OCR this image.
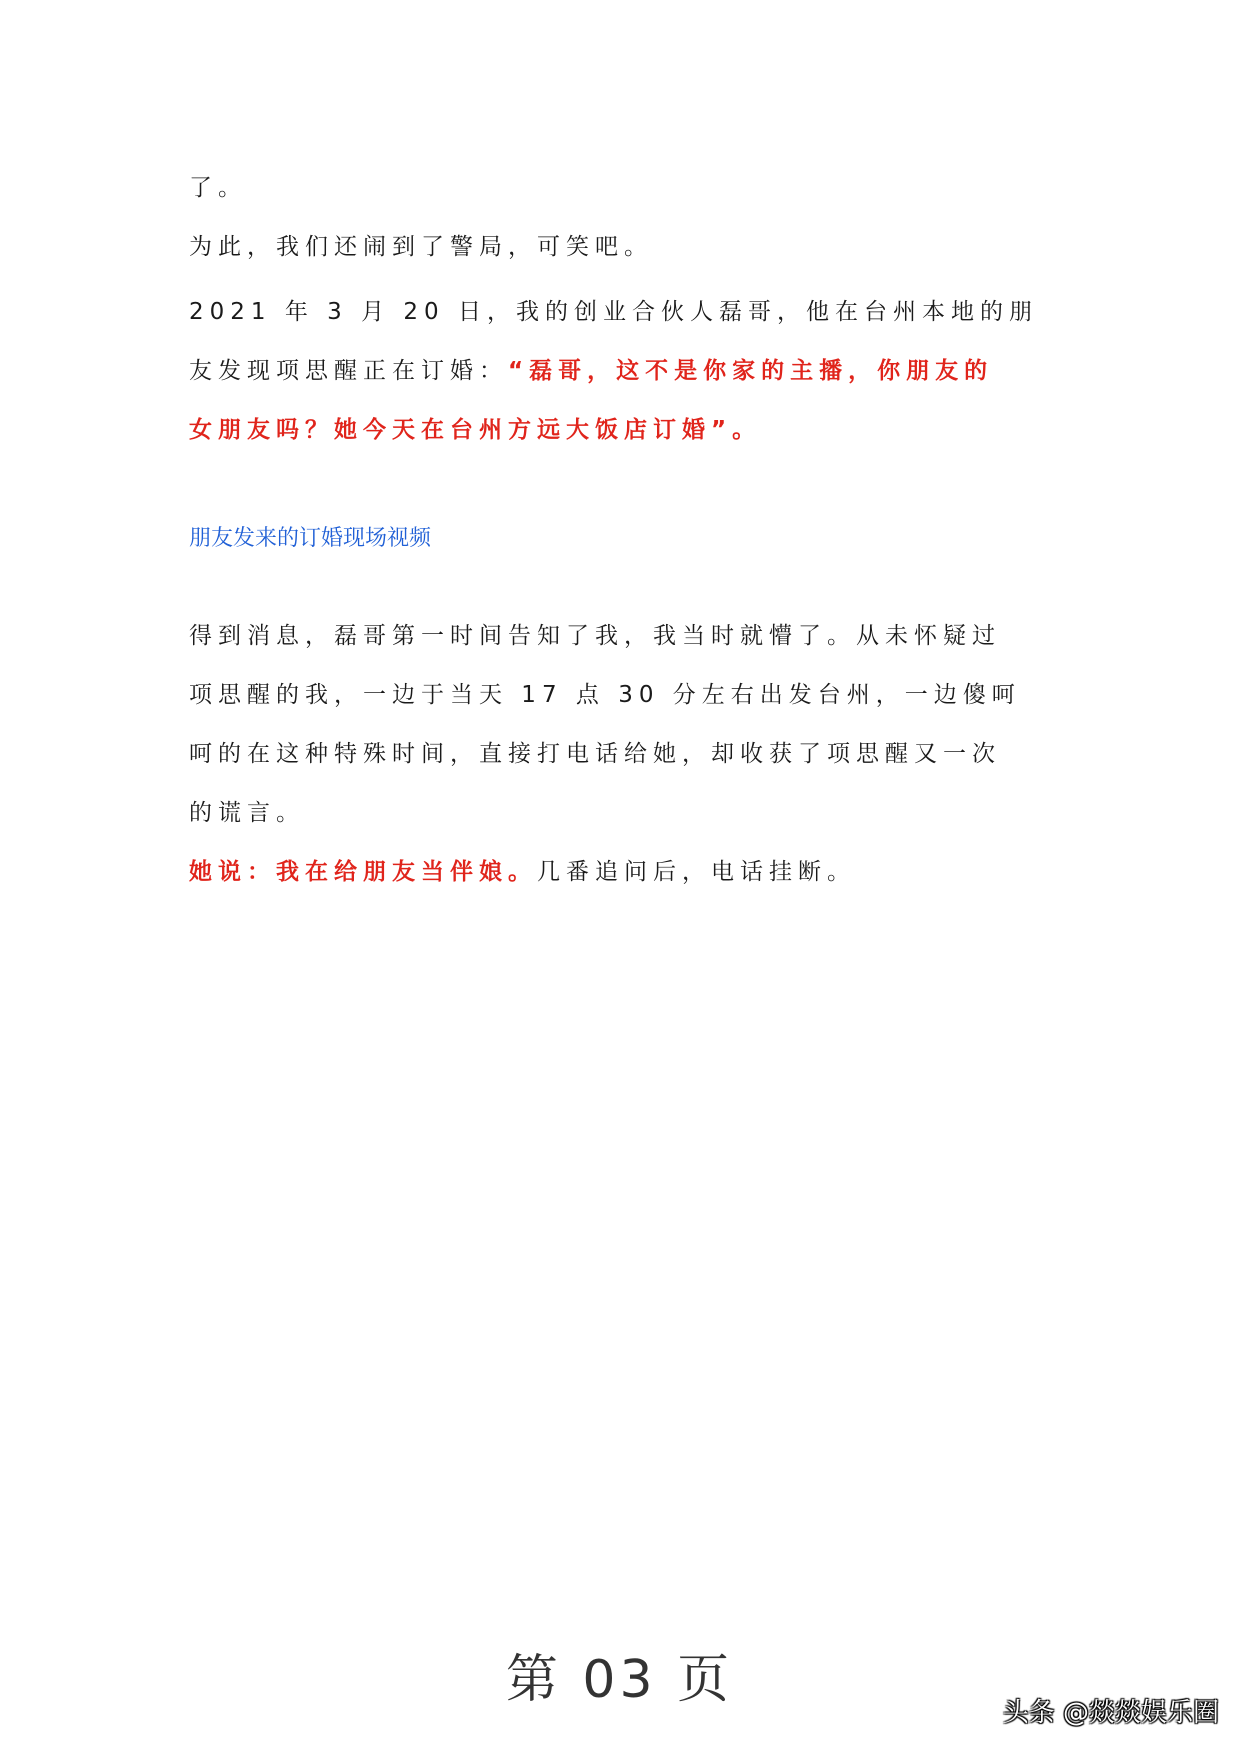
了。
为此，我们还闹到了警局，可笑吧。
2021 年 3 月 20 日，我的创业合伙人磊哥，他在台州本地的朋
友发现项思醒正在订婚：“磊哥，这不是你家的主播，你朋友的
女朋友吗？她今天在台州方远大饭店订婚”。
朋友发来的订婚现场视频
得到消息，磊哥第一时间告知了我，我当时就懵了。从未怀疑过
项思醒的我，一边于当天 17 点 30 分左右出发台州，一边傻呵
呵的在这种特殊时间，直接打电话给她，却收获了项思醒又一次
的谎言。
她说：我在给朋友当伴娘。几番追问后，电话挂断。
第 03 页
头条 @燚燚娱乐圈
